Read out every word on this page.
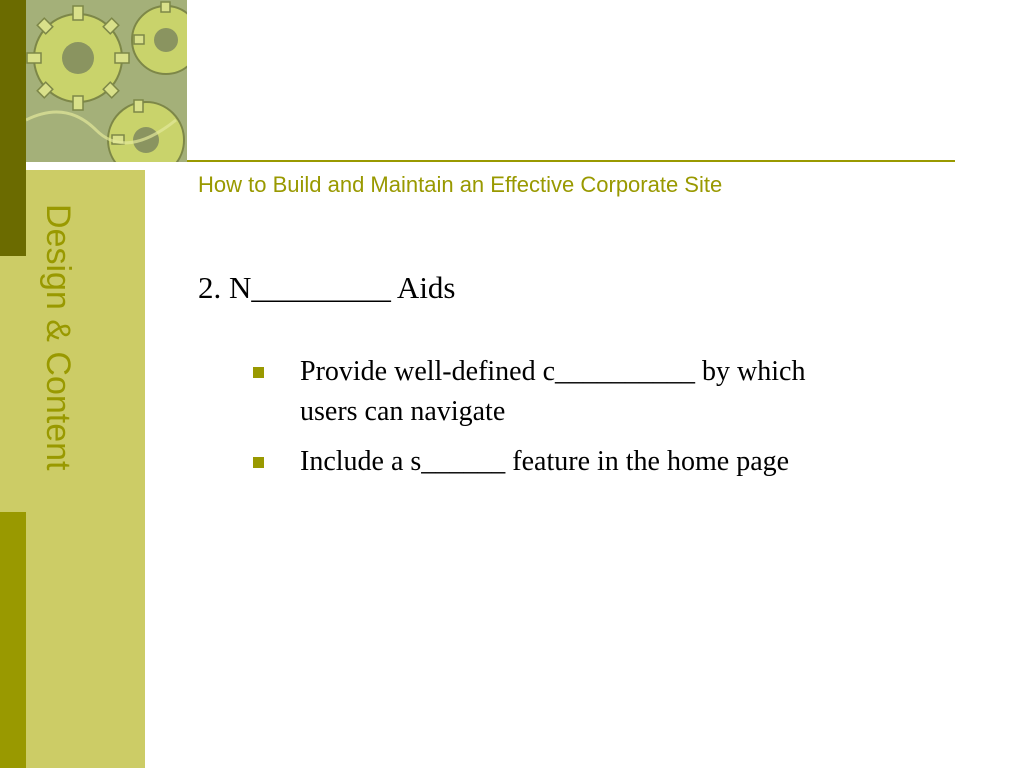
Design & Content
How to Build and Maintain an Effective Corporate Site
2. N_________ Aids
Provide well-defined c__________ by which users can navigate
Include a s______ feature in the home page
